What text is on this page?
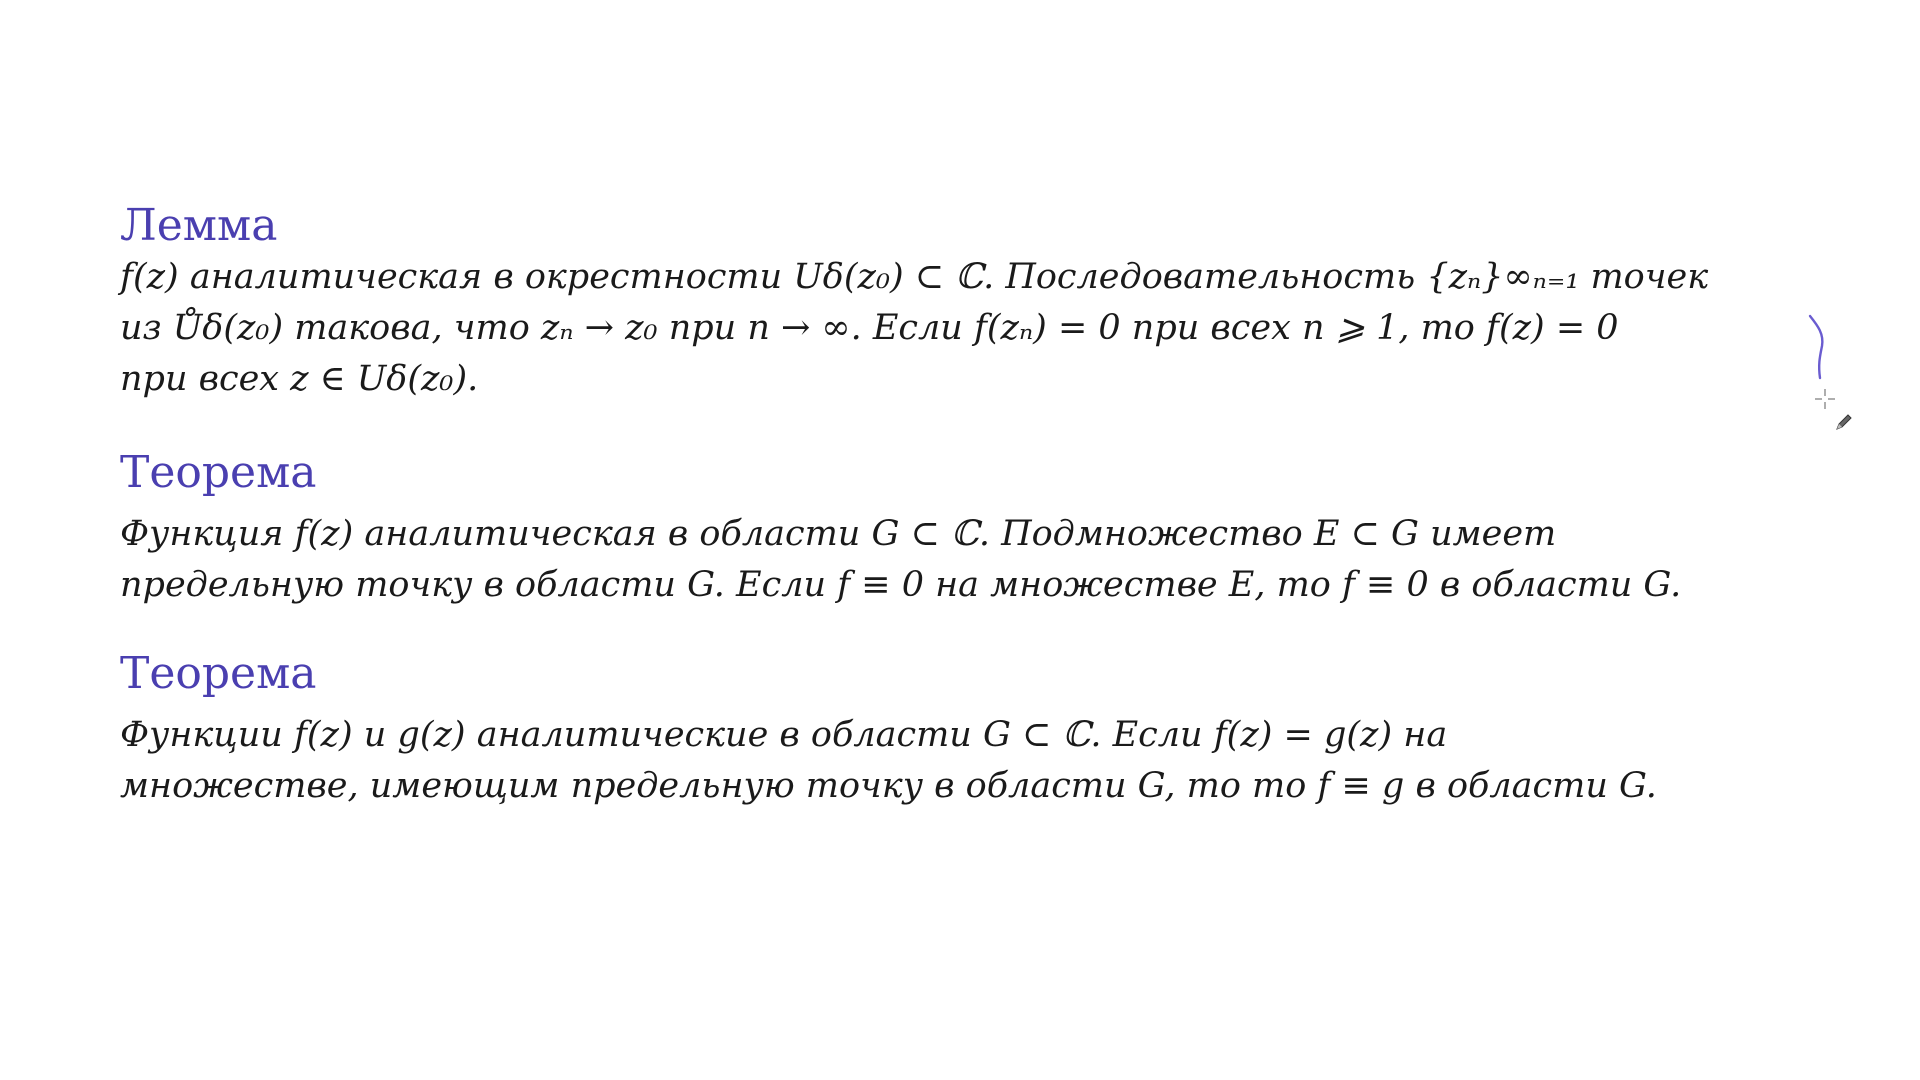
Лемма

f(z) аналитическая в окрестности Uδ(z₀) ⊂ ℂ. Последовательность {zₙ}∞ₙ₌₁ точек
из Ůδ(z₀) такова, что zₙ → z₀ при n → ∞. Если f(zₙ) = 0 при всех n ⩾ 1, то f(z) = 0
при всех z ∈ Uδ(z₀).

Теорема

Функция f(z) аналитическая в области G ⊂ ℂ. Подмножество E ⊂ G имеет
предельную точку в области G. Если f ≡ 0 на множестве E, то f ≡ 0 в области G.

Теорема

Функции f(z) и g(z) аналитические в области G ⊂ ℂ. Если f(z) = g(z) на
множестве, имеющим предельную точку в области G, то то f ≡ g в области G.
